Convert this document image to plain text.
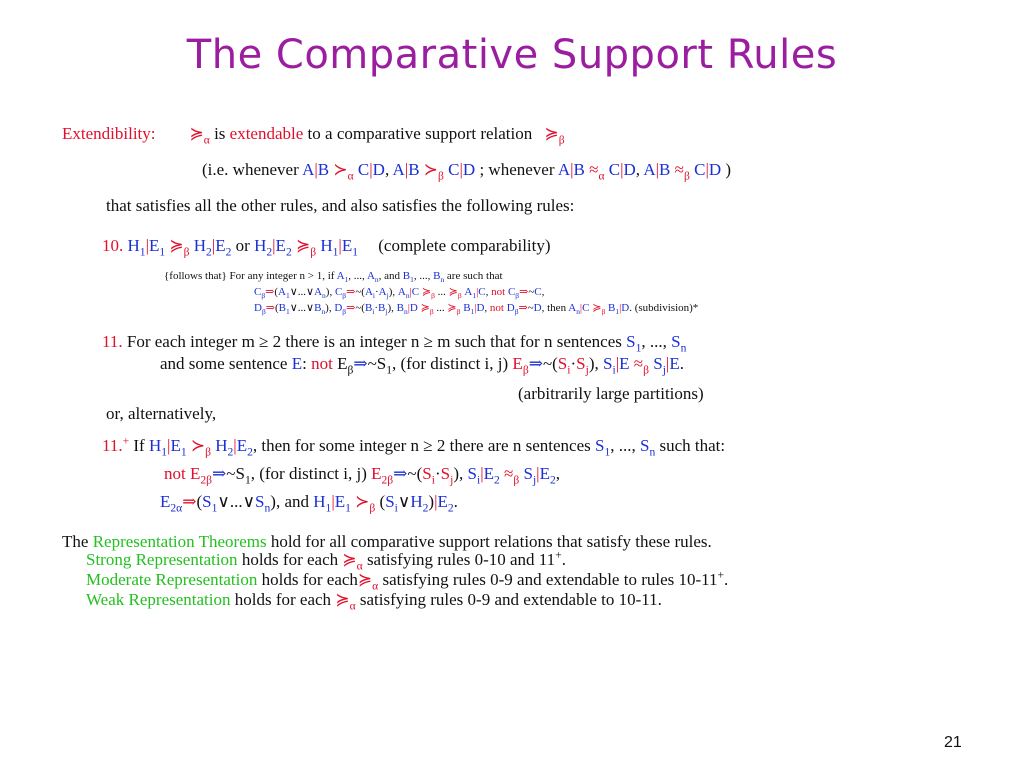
The Comparative Support Rules
Extendibility: $≽_\alpha$ is extendable to a comparative support relation $≽_\beta$
(i.e. whenever A|B $≻_\alpha$ C|D, A|B $≻_\beta$ C|D ; whenever $A|B \approx_\alpha$ C|D, $A|B \approx_\beta$ C|D )
that satisfies all the other rules, and also satisfies the following rules:
10. $H_1|E_1$ $≽_\beta$ $H_2|E_2$ or $H_2|E_2$ $≽_\beta$ $H_1|E_1$ (complete comparability)
{follows that} For any integer n > 1, if $A_1$, ..., $A_n$, and $B_1$, ..., $B_n$ are such that
$C_\beta\Rightarrow(A_1\vee...\vee A_n)$, $C_\beta\Rightarrow\sim(A_i\cdot A_j)$, $A_n|C$ $≽_\beta$ ... $≽_\beta$ $A_1|C$, not $C_\beta\Rightarrow\sim C$,
$D_\beta\Rightarrow(B_1\vee...\vee B_n)$, $D_\beta\Rightarrow\sim(B_i\cdot B_j)$, $B_n|D$ $≽_\beta$ ... $≽_\beta$ $B_1|D$, not $D_\beta\Rightarrow\sim D$, then $A_n|C$ $≽_\beta$ $B_1|D$. (subdivision)*
11. For each integer m ≥ 2 there is an integer n ≥ m such that for n sentences $S_1$, ..., $S_n$
and some sentence E: not $E_\beta\Rightarrow\sim S_1$, (for distinct i, j) $E_\beta\Rightarrow\sim(S_i\cdot S_j)$, $S_i|E \approx_\beta$ $S_j|E$.
(arbitrarily large partitions)
or, alternatively,
11.+ If $H_1|E_1$ $≻_\beta$ $H_2|E_2$, then for some integer n ≥ 2 there are n sentences $S_1$, ..., $S_n$ such that:
not $E_{2\beta}\Rightarrow\sim S_1$, (for distinct i, j) $E_{2\beta}\Rightarrow\sim(S_i\cdot S_j)$, $S_i|E_2 \approx_\beta$ $S_j|E_2$,
$E_{2\alpha}\Rightarrow(S_1\vee...\vee S_n)$, and $H_1|E_1$ $≻_\beta$ $(S_i\vee H_2)|E_2$.
The Representation Theorems hold for all comparative support relations that satisfy these rules.
Strong Representation holds for each $≽_\alpha$ satisfying rules 0-10 and 11+.
Moderate Representation holds for $each≽_\alpha$ satisfying rules 0-9 and extendable to rules 10-11+.
Weak Representation holds for each $≽_\alpha$ satisfying rules 0-9 and extendable to 10-11.
21
